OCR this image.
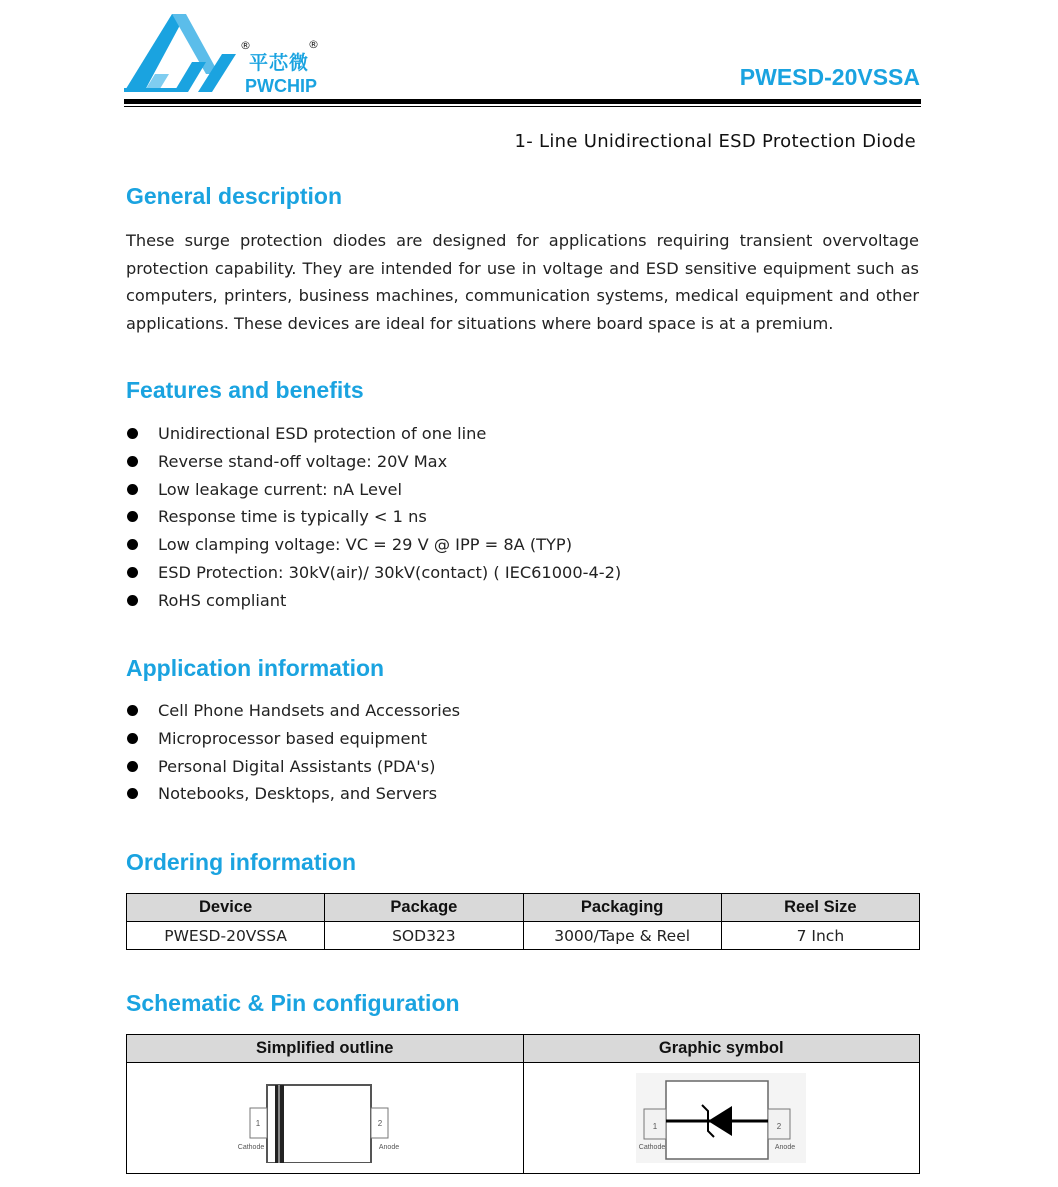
®	®
平芯微
PWCHIP	PWESD-20VSSA
1- Line Unidirectional ESD Protection Diode
General description

These surge protection diodes are designed for applications requiring transient overvoltage protection capability. They are intended for use in voltage and ESD sensitive equipment such as computers, printers, business machines, communication systems, medical equipment and other applications. These devices are ideal for situations where board space is at a premium.

Features and benefits
Unidirectional ESD protection of one line
Reverse stand-off voltage: 20V Max
Low leakage current: nA Level
Response time is typically < 1 ns
Low clamping voltage: VC = 29 V @ IPP = 8A (TYP)
ESD Protection: 30kV(air)/ 30kV(contact) ( IEC61000-4-2)
RoHS compliant
Application information
Cell Phone Handsets and Accessories
Microprocessor based equipment
Personal Digital Assistants (PDA's)
Notebooks, Desktops, and Servers
Ordering information
Device	Package	Packaging	Reel Size
PWESD-20VSSA	SOD323	3000/Tape & Reel	7 Inch
Schematic & Pin configuration
Simplified outline	Graphic symbol

1 2
Cathode Anode	1 2
Cathode Anode
